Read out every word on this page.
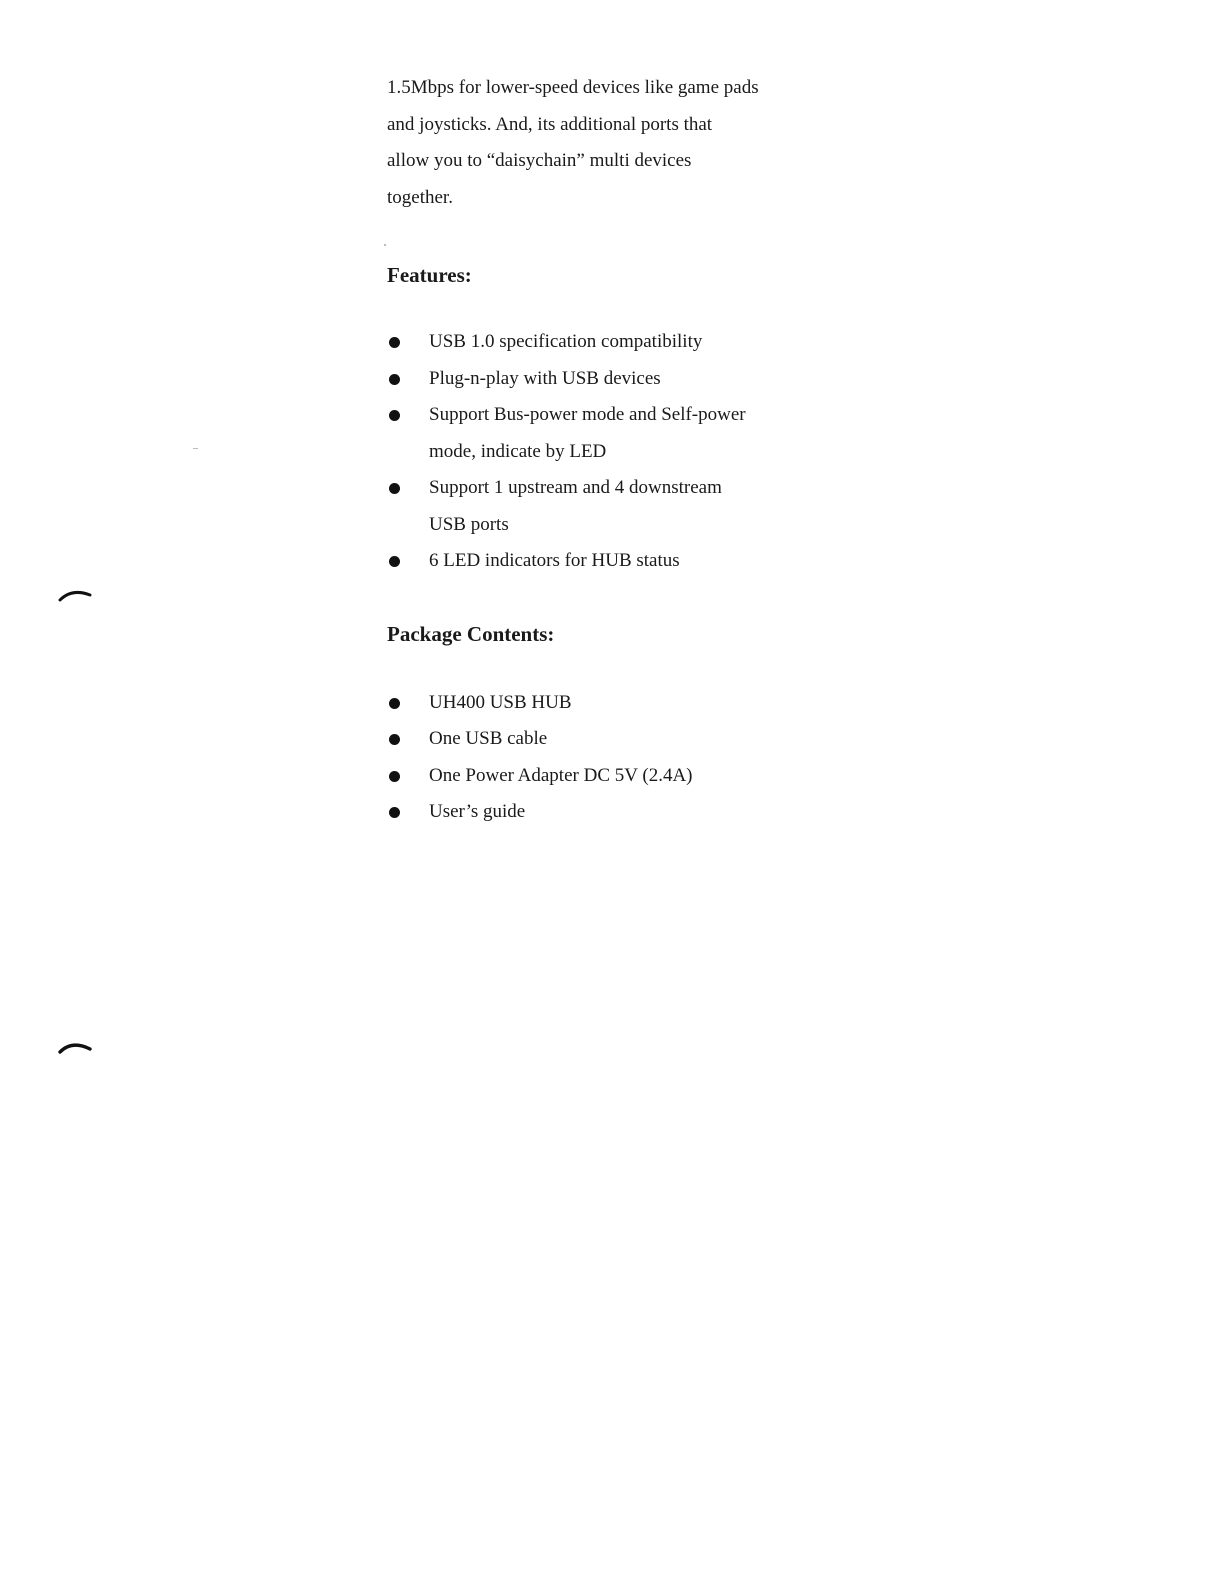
1.5Mbps for lower-speed devices like game pads

and joysticks. And, its additional ports that

allow you to “daisychain” multi devices

together.

Features:
USB 1.0 specification compatibility
Plug-n-play with USB devices
Support Bus-power mode and Self-power
mode, indicate by LED
Support 1 upstream and 4 downstream
USB ports
6 LED indicators for HUB status
Package Contents:
UH400 USB HUB
One USB cable
One Power Adapter DC 5V (2.4A)
User’s guide
